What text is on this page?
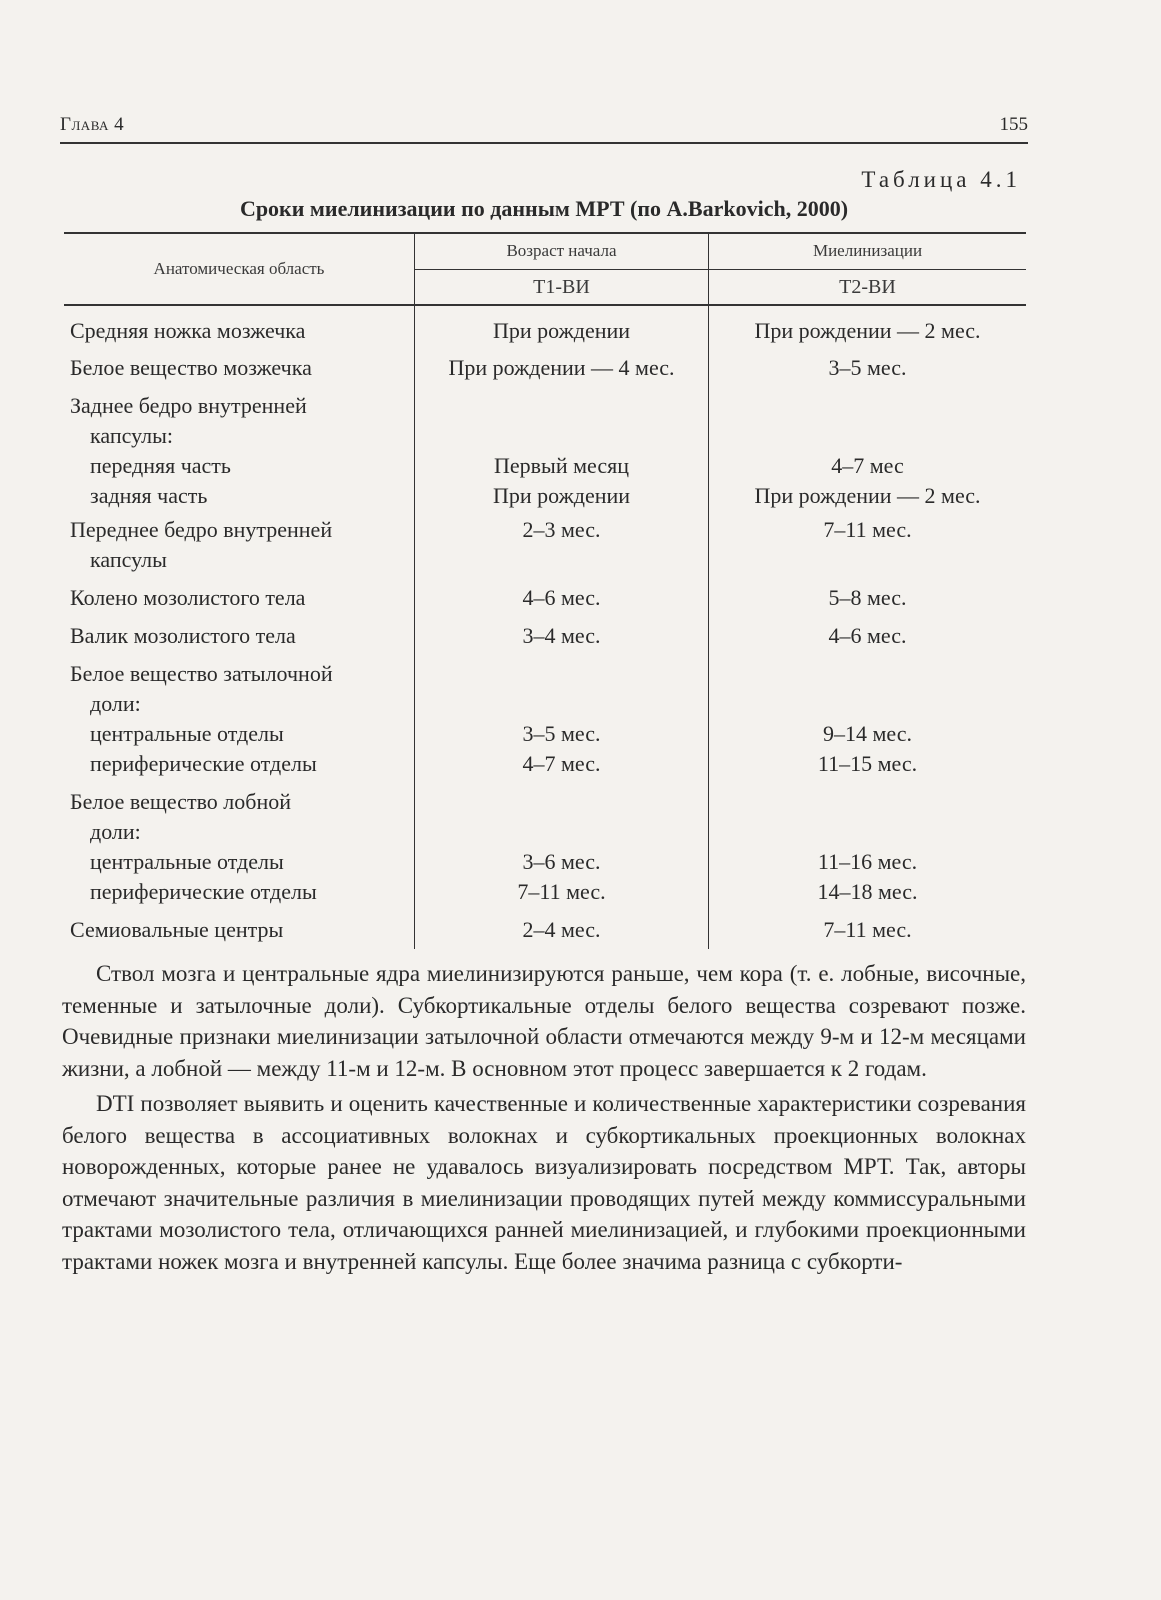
Глава 4	155
Таблица 4.1
Сроки миелинизации по данным МРТ (по A.Barkovich, 2000)
Анатомическая область	Возраст начала	Миелинизации
	Т1-ВИ	Т2-ВИ
Средняя ножка мозжечка	При рождении	При рождении — 2 мес.
Белое вещество мозжечка	При рождении — 4 мес.	3–5 мес.
Заднее бедро внутренней

капсулы:		

передняя часть	Первый месяц	4–7 мес

задняя часть	При рождении	При рождении — 2 мес.
Переднее бедро внутренней

капсулы	2–3 мес.	7–11 мес.
Колено мозолистого тела	4–6 мес.	5–8 мес.
Валик мозолистого тела	3–4 мес.	4–6 мес.
Белое вещество затылочной

доли:		

центральные отделы	3–5 мес.	9–14 мес.

периферические отделы	4–7 мес.	11–15 мес.
Белое вещество лобной

доли:		

центральные отделы	3–6 мес.	11–16 мес.

периферические отделы	7–11 мес.	14–18 мес.
Семиовальные центры	2–4 мес.	7–11 мес.

Ствол мозга и центральные ядра миелинизируются раньше, чем кора (т. е. лобные, височные, теменные и затылочные доли). Субкортикальные отделы белого вещества созревают позже. Очевидные признаки миелинизации затылочной области отмечаются между 9-м и 12-м месяцами жизни, а лобной — между 11-м и 12-м. В основном этот процесс завершается к 2 годам.

DTI позволяет выявить и оценить качественные и количественные характеристики созревания белого вещества в ассоциативных волокнах и субкортикальных проекционных волокнах новорожденных, которые ранее не удавалось визуализировать посредством МРТ. Так, авторы отмечают значительные различия в миелинизации проводящих путей между коммиссуральными трактами мозолистого тела, отличающихся ранней миелинизацией, и глубокими проекционными трактами ножек мозга и внутренней капсулы. Еще более значима разница с субкорти-
